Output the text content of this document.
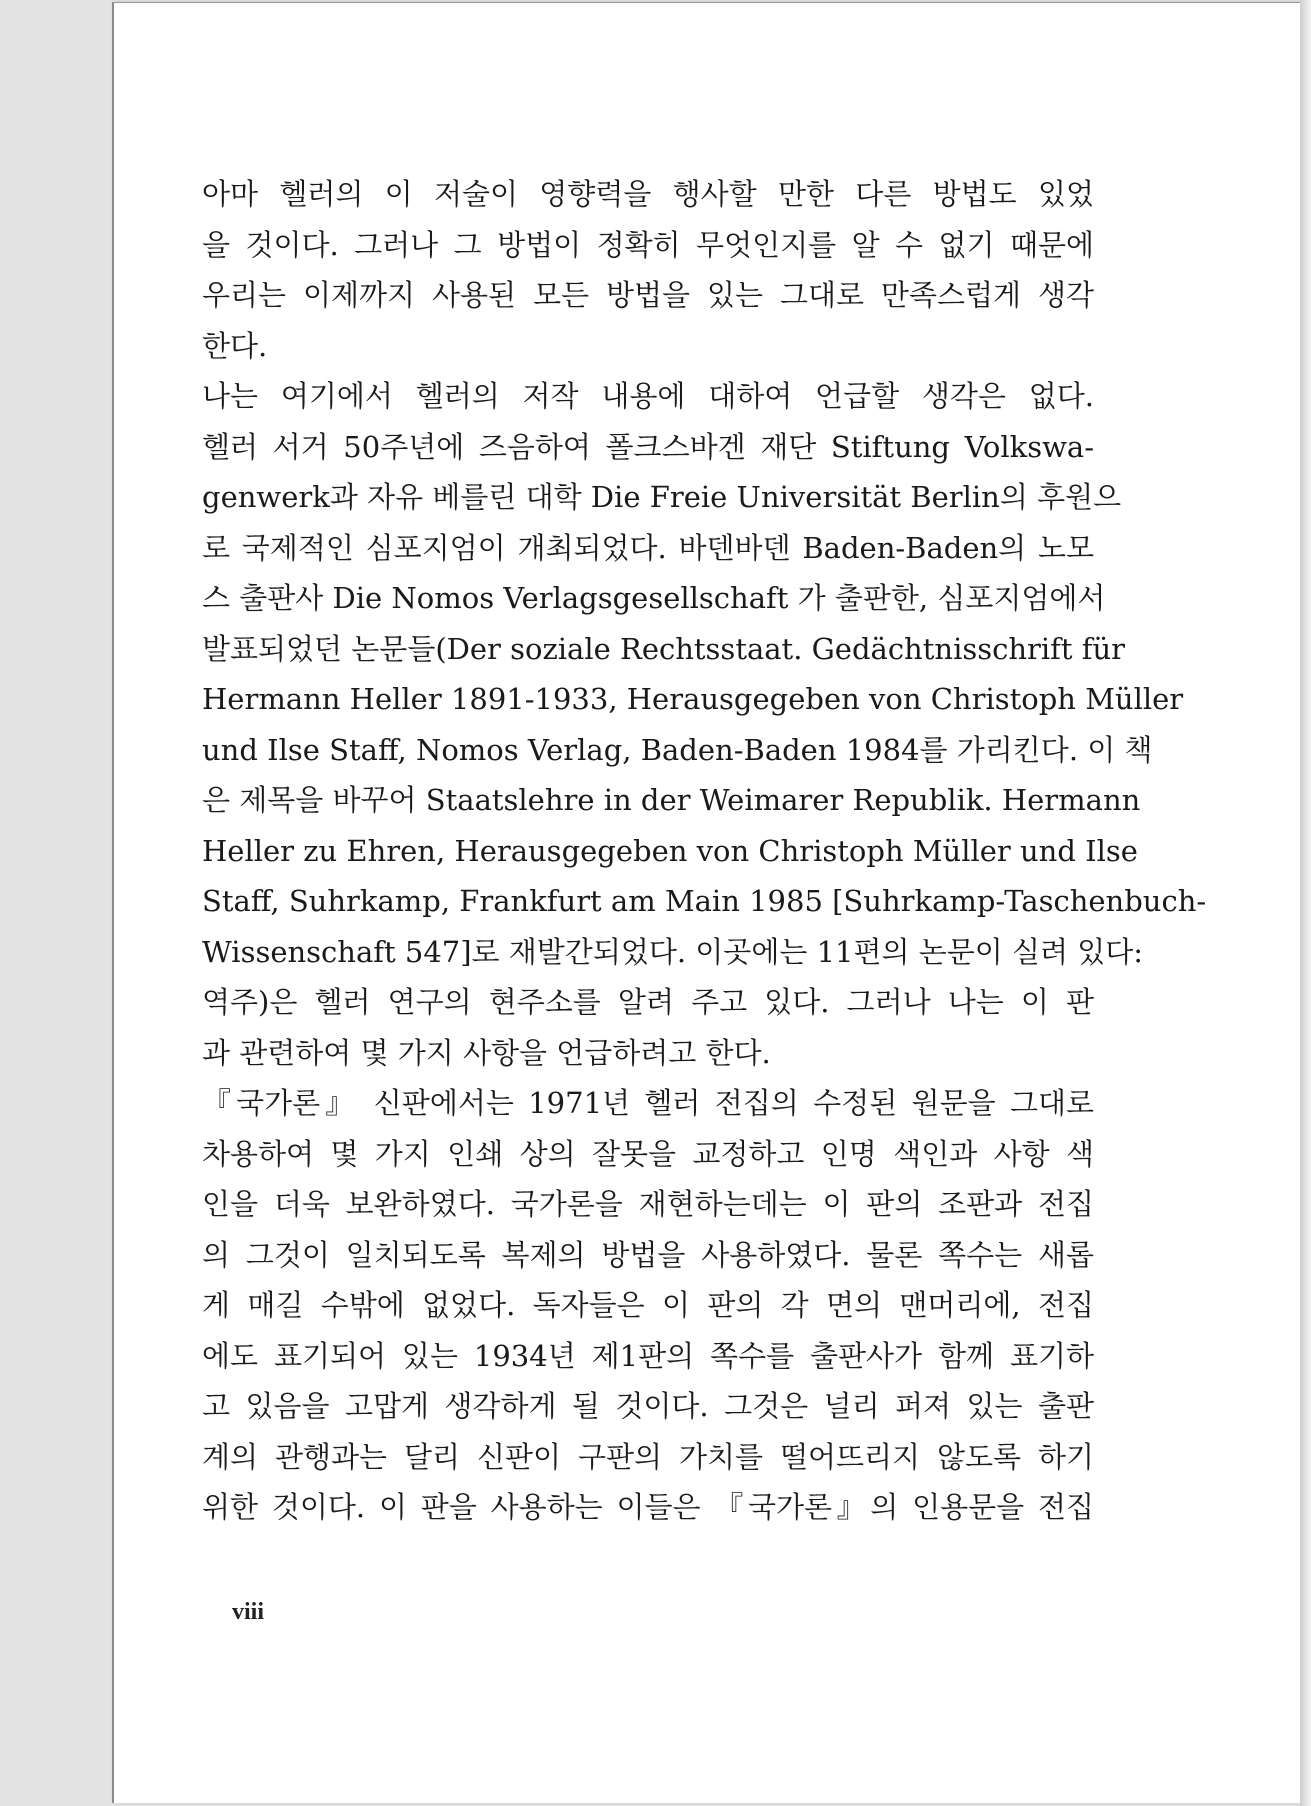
아마 헬러의 이 저술이 영향력을 행사할 만한 다른 방법도 있었
을 것이다. 그러나 그 방법이 정확히 무엇인지를 알 수 없기 때문에
우리는 이제까지 사용된 모든 방법을 있는 그대로 만족스럽게 생각
한다.
나는 여기에서 헬러의 저작 내용에 대하여 언급할 생각은 없다.
헬러 서거 50주년에 즈음하여 폴크스바겐 재단 Stiftung Volkswa-
genwerk과 자유 베를린 대학 Die Freie Universität Berlin의 후원으
로 국제적인 심포지엄이 개최되었다. 바덴바덴 Baden-Baden의 노모
스 출판사 Die Nomos Verlagsgesellschaft 가 출판한, 심포지엄에서
발표되었던 논문들(Der soziale Rechtsstaat. Gedächtnisschrift für
Hermann Heller 1891-1933, Herausgegeben von Christoph Müller
und Ilse Staff, Nomos Verlag, Baden-Baden 1984를 가리킨다. 이 책
은 제목을 바꾸어 Staatslehre in der Weimarer Republik. Hermann
Heller zu Ehren, Herausgegeben von Christoph Müller und Ilse
Staff, Suhrkamp, Frankfurt am Main 1985 [Suhrkamp-Taschenbuch-
Wissenschaft 547]로 재발간되었다. 이곳에는 11편의 논문이 실려 있다:
역주)은 헬러 연구의 현주소를 알려 주고 있다. 그러나 나는 이 판
과 관련하여 몇 가지 사항을 언급하려고 한다.
『국가론』 신판에서는 1971년 헬러 전집의 수정된 원문을 그대로
차용하여 몇 가지 인쇄 상의 잘못을 교정하고 인명 색인과 사항 색
인을 더욱 보완하였다. 국가론을 재현하는데는 이 판의 조판과 전집
의 그것이 일치되도록 복제의 방법을 사용하였다. 물론 쪽수는 새롭
게 매길 수밖에 없었다. 독자들은 이 판의 각 면의 맨머리에, 전집
에도 표기되어 있는 1934년 제1판의 쪽수를 출판사가 함께 표기하
고 있음을 고맙게 생각하게 될 것이다. 그것은 널리 퍼져 있는 출판
계의 관행과는 달리 신판이 구판의 가치를 떨어뜨리지 않도록 하기
위한 것이다. 이 판을 사용하는 이들은 『국가론』의 인용문을 전집
viii
